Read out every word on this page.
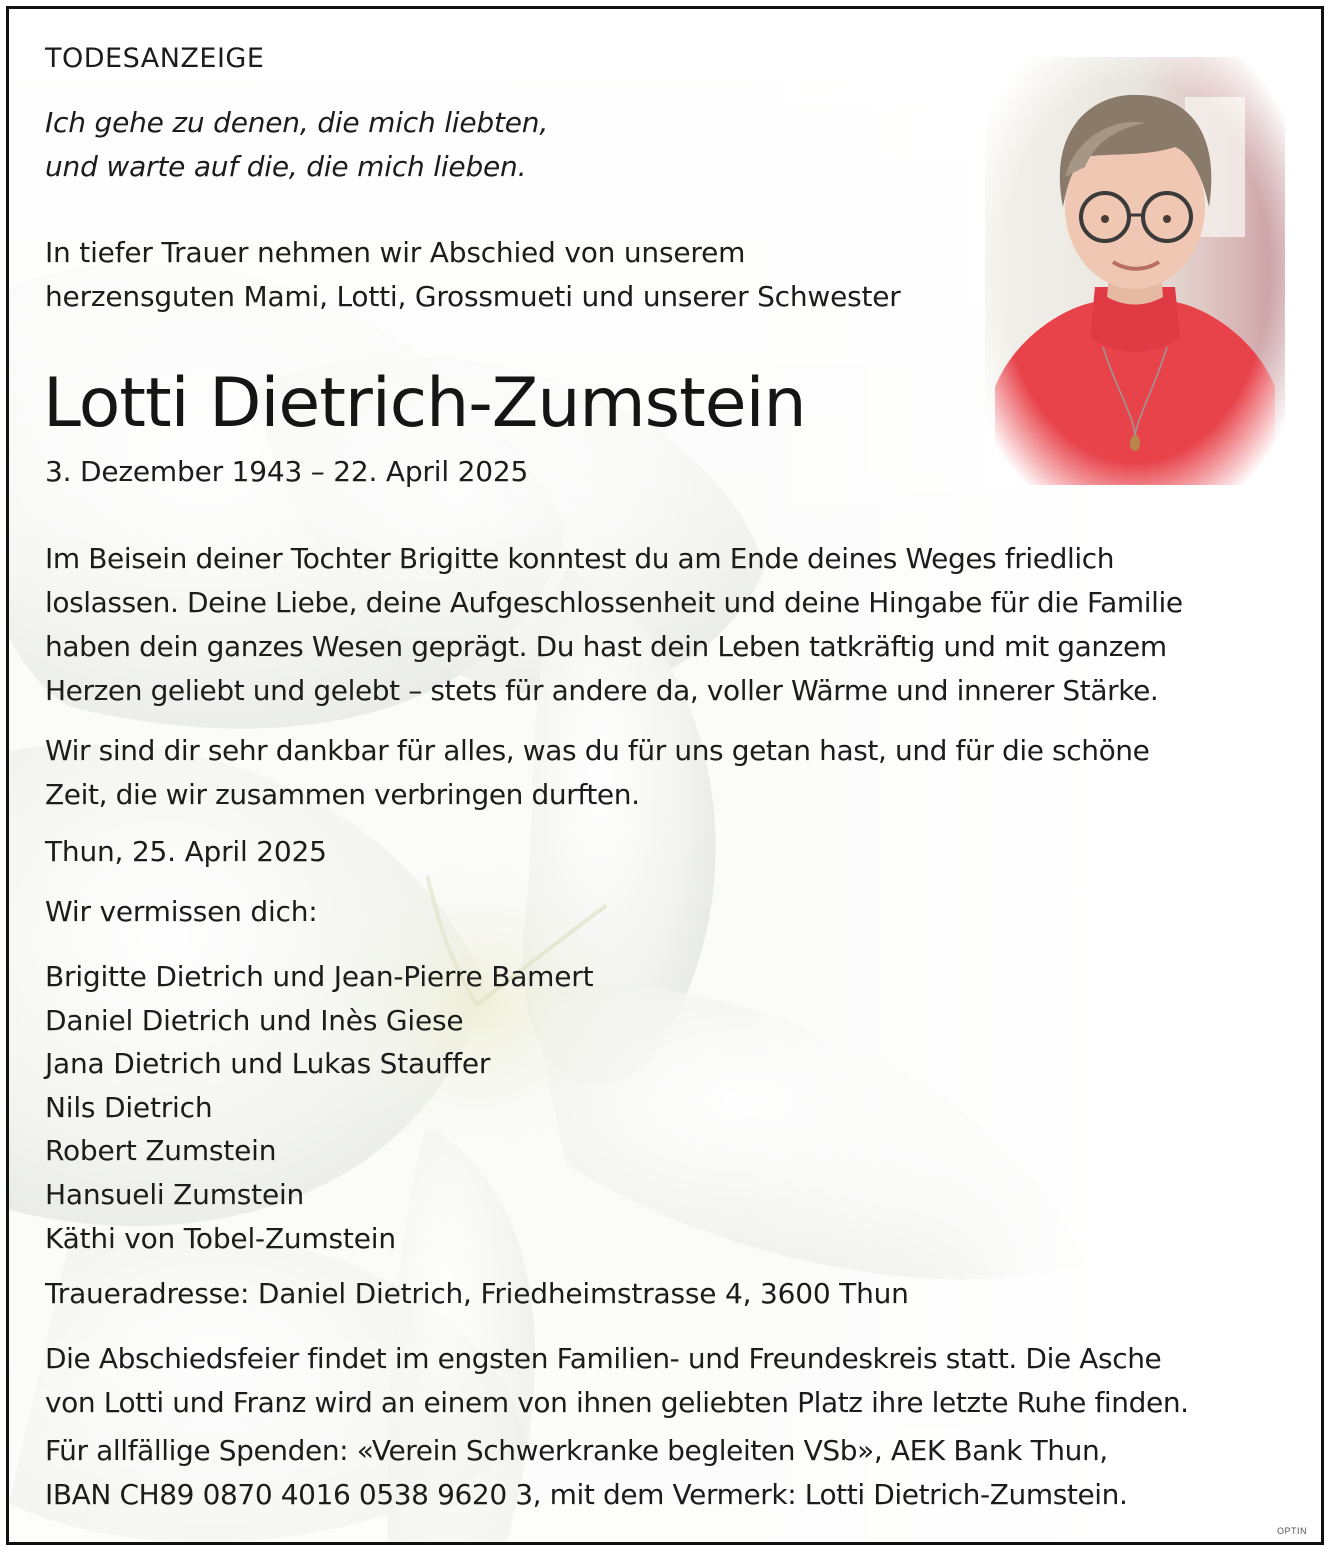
TODESANZEIGE
Ich gehe zu denen, die mich liebten,
und warte auf die, die mich lieben.
In tiefer Trauer nehmen wir Abschied von unserem
herzensguten Mami, Lotti, Grossmueti und unserer Schwester
Lotti Dietrich-Zumstein
3. Dezember 1943 – 22. April 2025
Im Beisein deiner Tochter Brigitte konntest du am Ende deines Weges friedlich
loslassen. Deine Liebe, deine Aufgeschlossenheit und deine Hingabe für die Familie
haben dein ganzes Wesen geprägt. Du hast dein Leben tatkräftig und mit ganzem
Herzen geliebt und gelebt – stets für andere da, voller Wärme und innerer Stärke.
Wir sind dir sehr dankbar für alles, was du für uns getan hast, und für die schöne
Zeit, die wir zusammen verbringen durften.
Thun, 25. April 2025
Wir vermissen dich:
Brigitte Dietrich und Jean-Pierre Bamert
Daniel Dietrich und Inès Giese
Jana Dietrich und Lukas Stauffer
Nils Dietrich
Robert Zumstein
Hansueli Zumstein
Käthi von Tobel-Zumstein
Traueradresse: Daniel Dietrich, Friedheimstrasse 4, 3600 Thun
Die Abschiedsfeier findet im engsten Familien- und Freundeskreis statt. Die Asche
von Lotti und Franz wird an einem von ihnen geliebten Platz ihre letzte Ruhe finden.
Für allfällige Spenden: «Verein Schwerkranke begleiten VSb», AEK Bank Thun,
IBAN CH89 0870 4016 0538 9620 3, mit dem Vermerk: Lotti Dietrich-Zumstein.
OPTIN
